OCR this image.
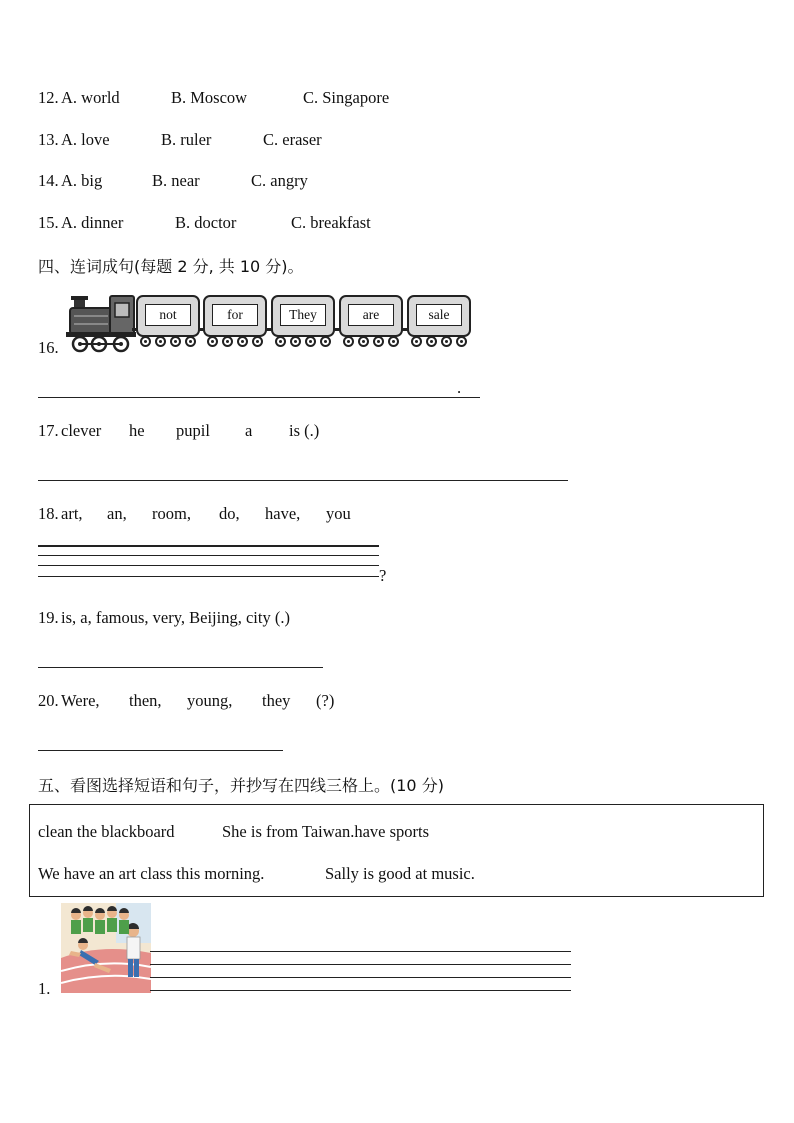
12. A. world	B. Moscow	C. Singapore
13. A. love	B. ruler	C. eraser
14. A. big	B. near	C. angry
15. A. dinner	B. doctor	C. breakfast
四、连词成句(每题 2 分, 共 10 分)。
16.
not	for	They	are	sale
.
17. clever he pupil a is (.)
18. art, an, room, do, have, you
?
19. is, a, famous, very, Beijing, city (.)
20. Were, then, young, they (?)
五、看图选择短语和句子，并抄写在四线三格上。(10 分)
clean the blackboard	She is from Taiwan.have sports
We have an art class this morning.	Sally is good at music.
1.
